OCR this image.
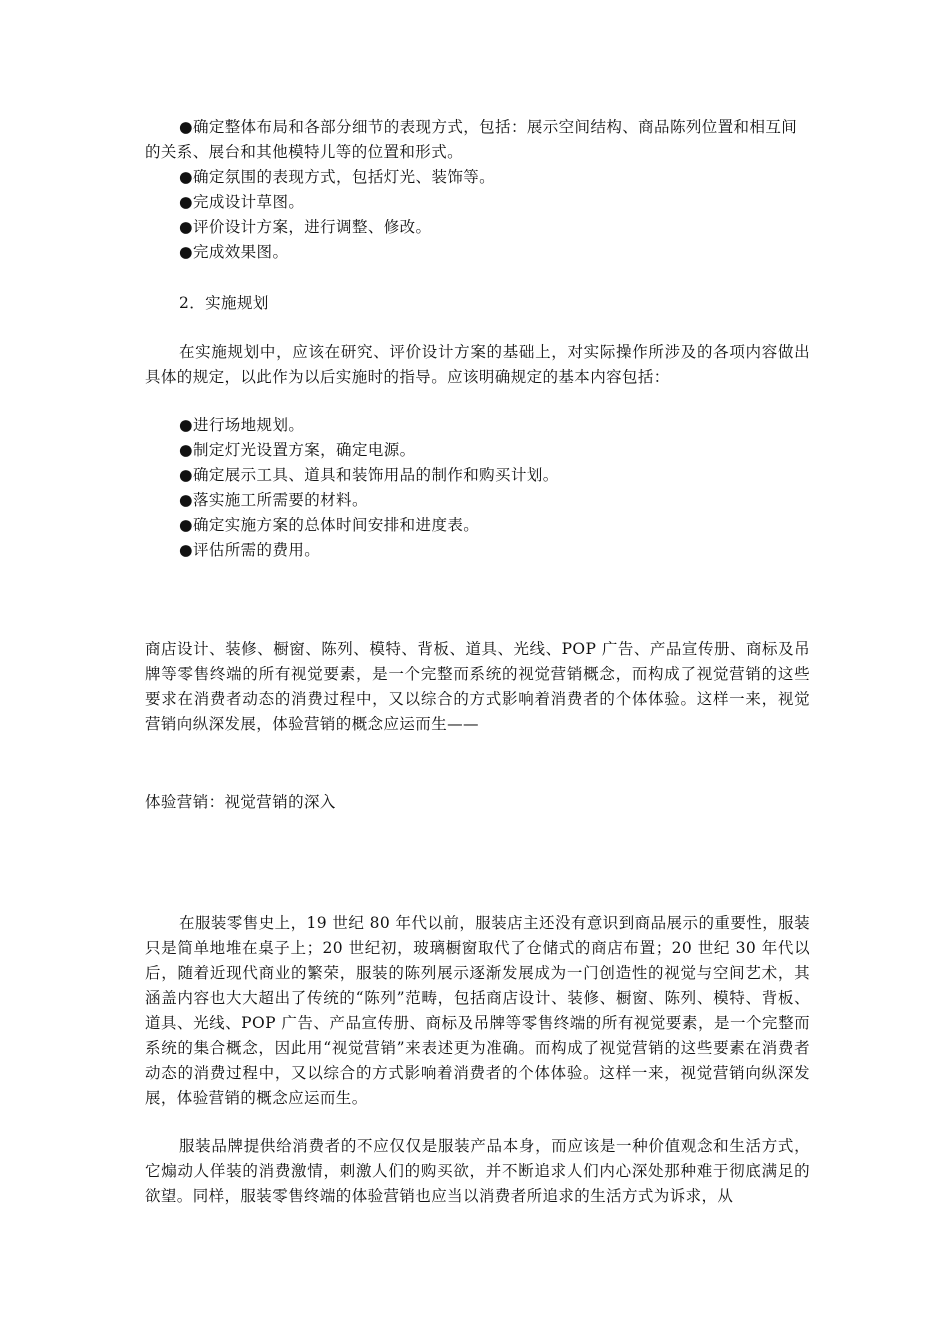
● 确定整体布局和各部分细节的表现方式，包括：展示空间结构、商品陈列位置和相互间的关系、展台和其他模特儿等的位置和形式。
● 确定氛围的表现方式，包括灯光、装饰等。
● 完成设计草图。
● 评价设计方案，进行调整、修改。
● 完成效果图。
2．实施规划
在实施规划中，应该在研究、评价设计方案的基础上，对实际操作所涉及的各项内容做出具体的规定，以此作为以后实施时的指导。应该明确规定的基本内容包括：
● 进行场地规划。
● 制定灯光设置方案，确定电源。
● 确定展示工具、道具和装饰用品的制作和购买计划。
● 落实施工所需要的材料。
● 确定实施方案的总体时间安排和进度表。
● 评估所需的费用。
商店设计、装修、橱窗、陈列、模特、背板、道具、光线、POP 广告、产品宣传册、商标及吊牌等零售终端的所有视觉要素，是一个完整而系统的视觉营销概念，而构成了视觉营销的这些要求在消费者动态的消费过程中，又以综合的方式影响着消费者的个体体验。这样一来，视觉营销向纵深发展，体验营销的概念应运而生——
体验营销：视觉营销的深入
在服装零售史上，19 世纪 80 年代以前，服装店主还没有意识到商品展示的重要性，服装只是简单地堆在桌子上；20 世纪初，玻璃橱窗取代了仓储式的商店布置；20 世纪 30 年代以后，随着近现代商业的繁荣，服装的陈列展示逐渐发展成为一门创造性的视觉与空间艺术，其涵盖内容也大大超出了传统的“陈列”范畴，包括商店设计、装修、橱窗、陈列、模特、背板、道具、光线、POP 广告、产品宣传册、商标及吊牌等零售终端的所有视觉要素，是一个完整而系统的集合概念，因此用“视觉营销”来表述更为准确。而构成了视觉营销的这些要素在消费者动态的消费过程中，又以综合的方式影响着消费者的个体体验。这样一来，视觉营销向纵深发展，体验营销的概念应运而生。
服装品牌提供给消费者的不应仅仅是服装产品本身，而应该是一种价值观念和生活方式，它煽动人佯装的消费激情，刺激人们的购买欲，并不断追求人们内心深处那种难于彻底满足的欲望。同样，服装零售终端的体验营销也应当以消费者所追求的生活方式为诉求，从
